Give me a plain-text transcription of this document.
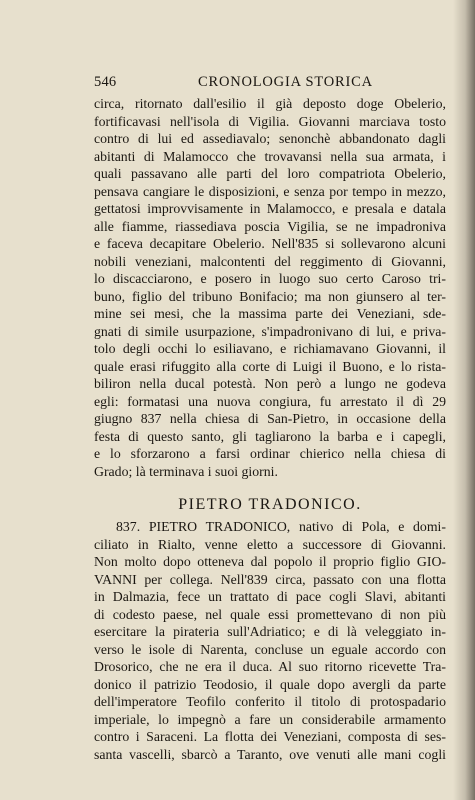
546	CRONOLOGIA STORICA
circa, ritornato dall'esilio il già deposto doge Obelerio,
fortificavasi nell'isola di Vigilia. Giovanni marciava tosto
contro di lui ed assediavalo; senonchè abbandonato dagli
abitanti di Malamocco che trovavansi nella sua armata, i
quali passavano alle parti del loro compatriota Obelerio,
pensava cangiare le disposizioni, e senza por tempo in mezzo,
gettatosi improvvisamente in Malamocco, e presala e datala
alle fiamme, riassediava poscia Vigilia, se ne impadroniva
e faceva decapitare Obelerio. Nell'835 si sollevarono alcuni
nobili veneziani, malcontenti del reggimento di Giovanni,
lo discacciarono, e posero in luogo suo certo Caroso tri-
buno, figlio del tribuno Bonifacio; ma non giunsero al ter-
mine sei mesi, che la massima parte dei Veneziani, sde-
gnati di simile usurpazione, s'impadronivano di lui, e priva-
tolo degli occhi lo esiliavano, e richiamavano Giovanni, il
quale erasi rifuggito alla corte di Luigi il Buono, e lo rista-
biliron nella ducal potestà. Non però a lungo ne godeva
egli: formatasi una nuova congiura, fu arrestato il dì 29
giugno 837 nella chiesa di San-Pietro, in occasione della
festa di questo santo, gli tagliarono la barba e i capegli,
e lo sforzarono a farsi ordinar chierico nella chiesa di
Grado; là terminava i suoi giorni.
PIETRO TRADONICO.
837. PIETRO TRADONICO, nativo di Pola, e domi-
ciliato in Rialto, venne eletto a successore di Giovanni.
Non molto dopo otteneva dal popolo il proprio figlio GIO-
VANNI per collega. Nell'839 circa, passato con una flotta
in Dalmazia, fece un trattato di pace cogli Slavi, abitanti
di codesto paese, nel quale essi promettevano di non più
esercitare la pirateria sull'Adriatico; e di là veleggiato in-
verso le isole di Narenta, concluse un eguale accordo con
Drosorico, che ne era il duca. Al suo ritorno ricevette Tra-
donico il patrizio Teodosio, il quale dopo avergli da parte
dell'imperatore Teofilo conferito il titolo di protospadario
imperiale, lo impegnò a fare un considerabile armamento
contro i Saraceni. La flotta dei Veneziani, composta di ses-
santa vascelli, sbarcò a Taranto, ove venuti alle mani cogli
